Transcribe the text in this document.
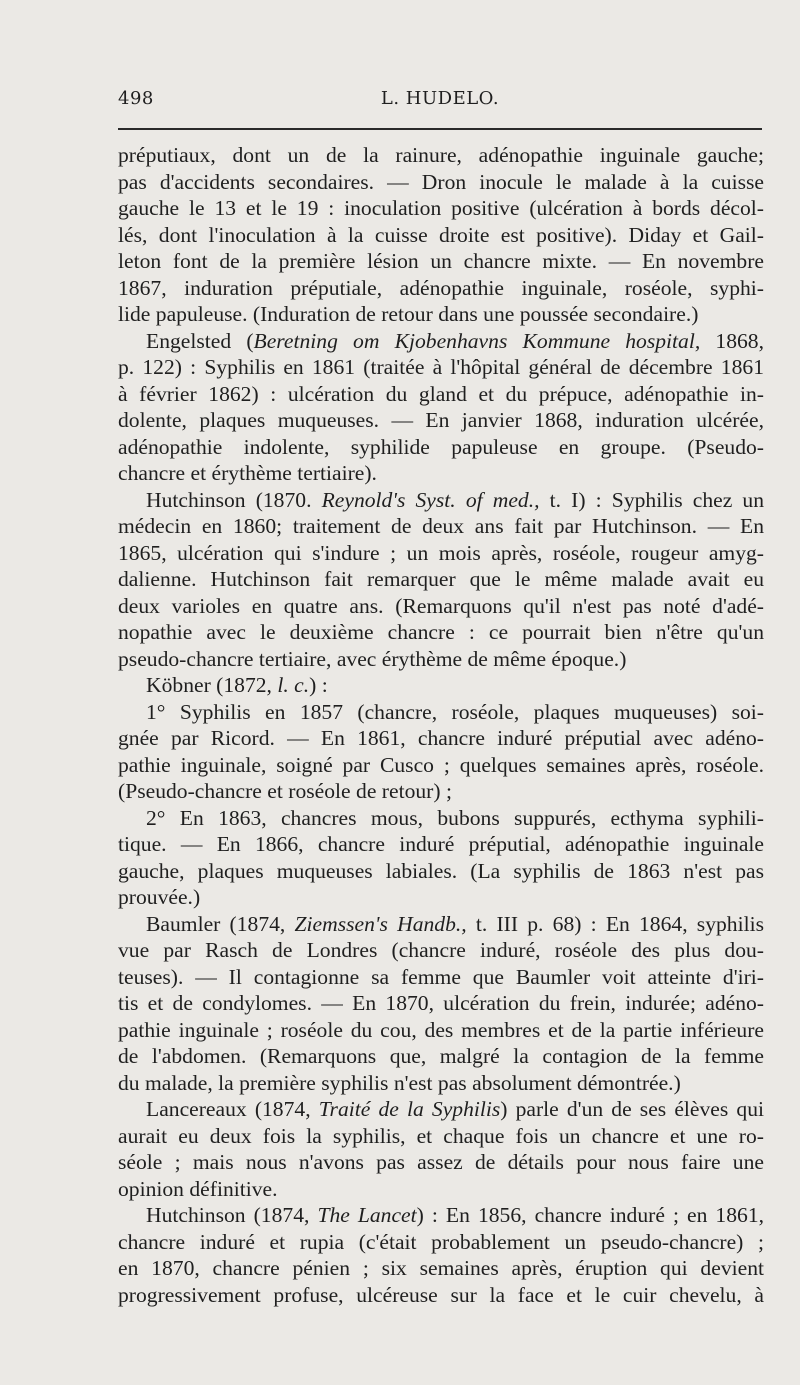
498	L. HUDELO.
préputiaux, dont un de la rainure, adénopathie inguinale gauche;
pas d'accidents secondaires. — Dron inocule le malade à la cuisse
gauche le 13 et le 19 : inoculation positive (ulcération à bords décol-
lés, dont l'inoculation à la cuisse droite est positive). Diday et Gail-
leton font de la première lésion un chancre mixte. — En novembre
1867, induration préputiale, adénopathie inguinale, roséole, syphi-
lide papuleuse. (Induration de retour dans une poussée secondaire.)
Engelsted (Beretning om Kjobenhavns Kommune hospital, 1868,
p. 122) : Syphilis en 1861 (traitée à l'hôpital général de décembre 1861
à février 1862) : ulcération du gland et du prépuce, adénopathie in-
dolente, plaques muqueuses. — En janvier 1868, induration ulcérée,
adénopathie indolente, syphilide papuleuse en groupe. (Pseudo-
chancre et érythème tertiaire).
Hutchinson (1870. Reynold's Syst. of med., t. I) : Syphilis chez un
médecin en 1860; traitement de deux ans fait par Hutchinson. — En
1865, ulcération qui s'indure ; un mois après, roséole, rougeur amyg-
dalienne. Hutchinson fait remarquer que le même malade avait eu
deux varioles en quatre ans. (Remarquons qu'il n'est pas noté d'adé-
nopathie avec le deuxième chancre : ce pourrait bien n'être qu'un
pseudo-chancre tertiaire, avec érythème de même époque.)
Köbner (1872, l. c.) :
1° Syphilis en 1857 (chancre, roséole, plaques muqueuses) soi-
gnée par Ricord. — En 1861, chancre induré préputial avec adéno-
pathie inguinale, soigné par Cusco ; quelques semaines après, roséole.
(Pseudo-chancre et roséole de retour) ;
2° En 1863, chancres mous, bubons suppurés, ecthyma syphili-
tique. — En 1866, chancre induré préputial, adénopathie inguinale
gauche, plaques muqueuses labiales. (La syphilis de 1863 n'est pas
prouvée.)
Baumler (1874, Ziemssen's Handb., t. III p. 68) : En 1864, syphilis
vue par Rasch de Londres (chancre induré, roséole des plus dou-
teuses). — Il contagionne sa femme que Baumler voit atteinte d'iri-
tis et de condylomes. — En 1870, ulcération du frein, indurée; adéno-
pathie inguinale ; roséole du cou, des membres et de la partie inférieure
de l'abdomen. (Remarquons que, malgré la contagion de la femme
du malade, la première syphilis n'est pas absolument démontrée.)
Lancereaux (1874, Traité de la Syphilis) parle d'un de ses élèves qui
aurait eu deux fois la syphilis, et chaque fois un chancre et une ro-
séole ; mais nous n'avons pas assez de détails pour nous faire une
opinion définitive.
Hutchinson (1874, The Lancet) : En 1856, chancre induré ; en 1861,
chancre induré et rupia (c'était probablement un pseudo-chancre) ;
en 1870, chancre pénien ; six semaines après, éruption qui devient
progressivement profuse, ulcéreuse sur la face et le cuir chevelu, à
